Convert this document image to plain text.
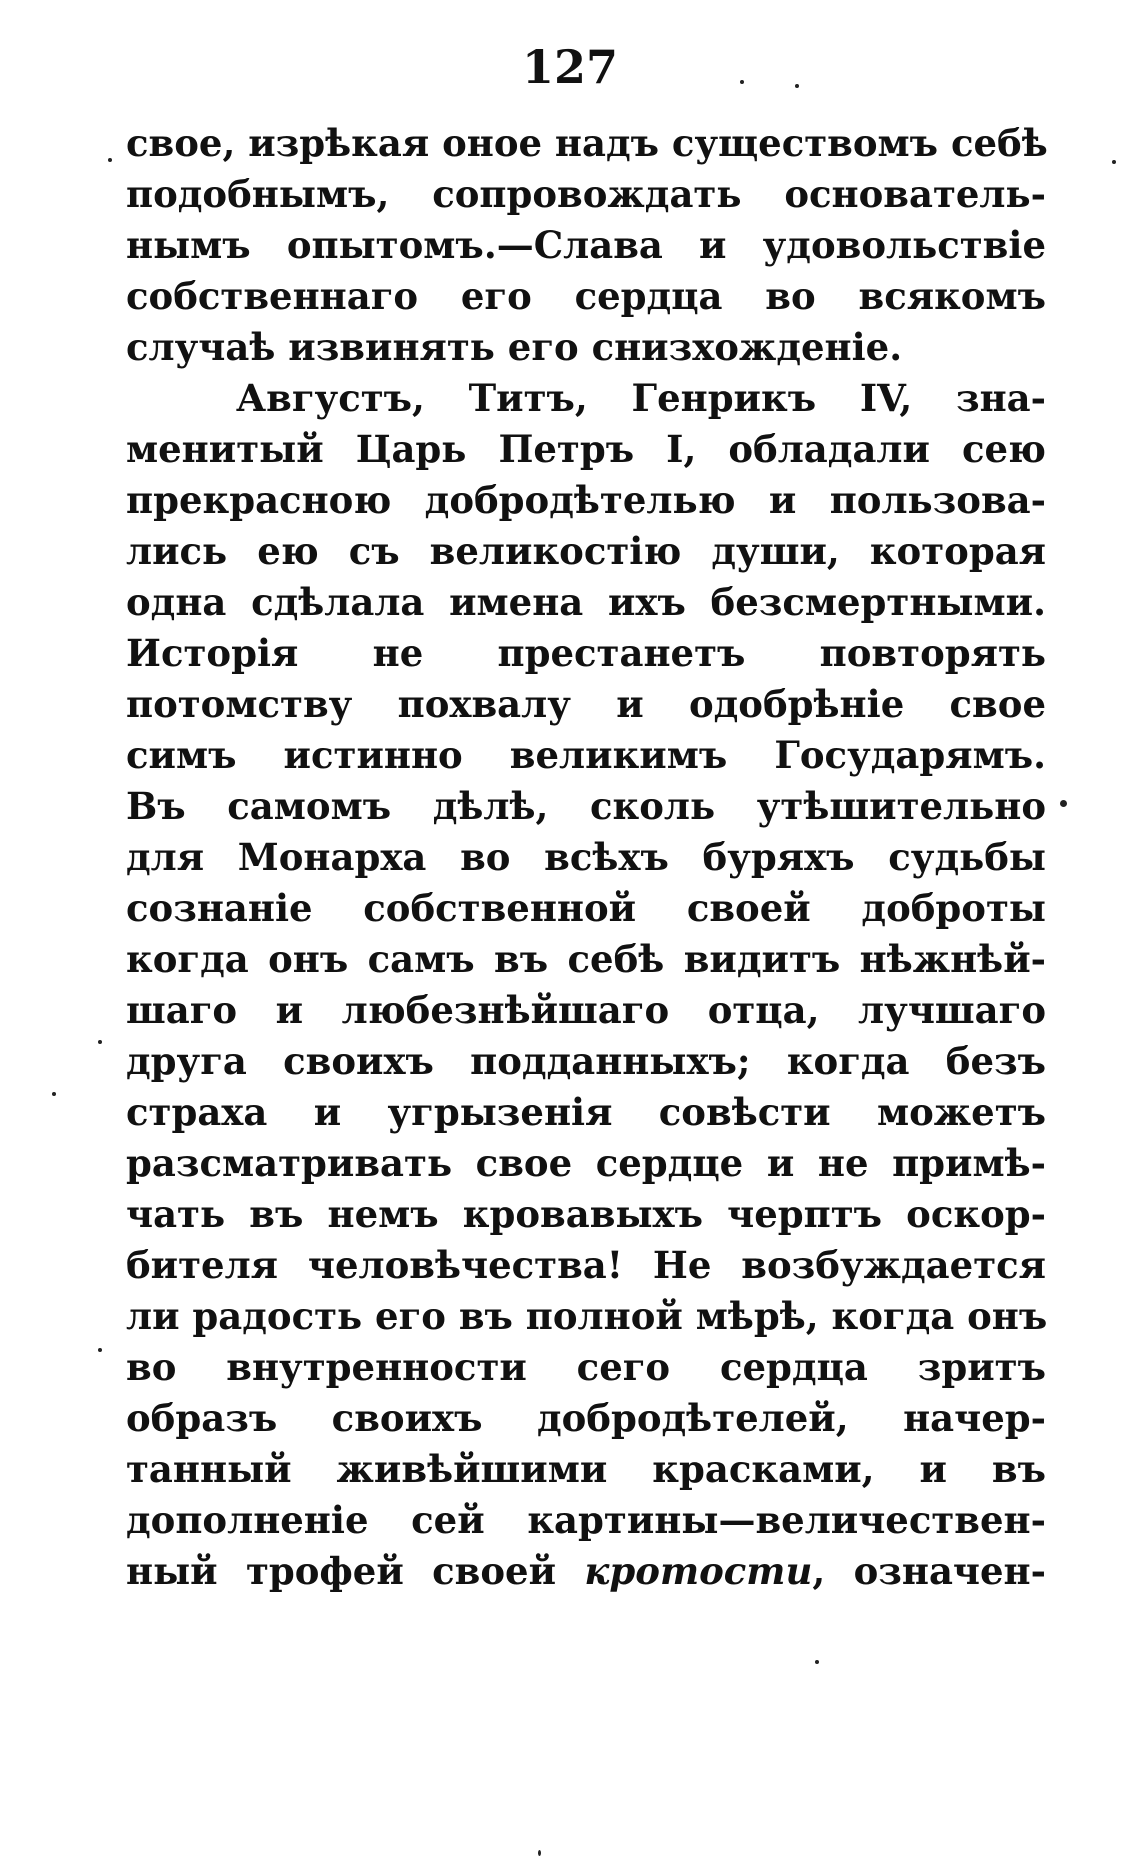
127
свое, изрѣкая оное надъ существомъ себѣ
подобнымъ, сопровождать основатель-
нымъ опытомъ.—Слава и удовольствіе
собственнаго его сердца во всякомъ
случаѣ извинять его снизхожденіе.
Августъ, Титъ, Генрикъ IV, зна-
менитый Царь Петръ I, обладали сею
прекрасною добродѣтелью и пользова-
лись ею съ великостію души, которая
одна сдѣлала имена ихъ безсмертными.
Исторія не престанетъ повторять
потомству похвалу и одобрѣніе свое
симъ истинно великимъ Государямъ.
Въ самомъ дѣлѣ, сколь утѣшительно
для Монарха во всѣхъ буряхъ судьбы
сознаніе собственной своей доброты
когда онъ самъ въ себѣ видитъ нѣжнѣй-
шаго и любезнѣйшаго отца, лучшаго
друга своихъ подданныхъ; когда безъ
страха и угрызенія совѣсти можетъ
разсматривать свое сердце и не примѣ-
чать въ немъ кровавыхъ черптъ оскор-
бителя человѣчества! Не возбуждается
ли радость его въ полной мѣрѣ, когда онъ
во внутренности сего сердца зритъ
образъ своихъ добродѣтелей, начер-
танный живѣйшими красками, и въ
дополненіе сей картины—величествен-
ный трофей своей кротости, означен-
